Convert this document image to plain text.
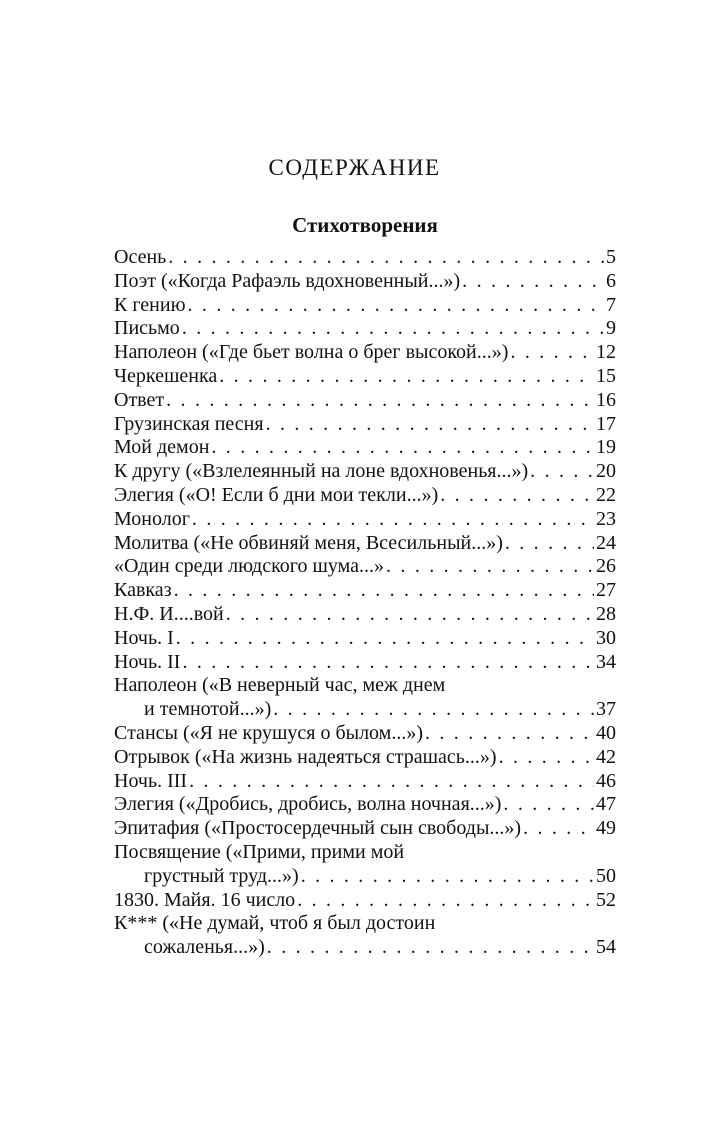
СОДЕРЖАНИЕ
Стихотворения
Осень . . .	5
Поэт («Когда Рафаэль вдохновенный...») . . .	6
К гению . . .	7
Письмо . . .	9
Наполеон («Где бьет волна о брег высокой...») . . .	12
Черкешенка . . .	15
Ответ . . .	16
Грузинская песня . . .	17
Мой демон . . .	19
К другу («Взлелеянный на лоне вдохновенья...») . . .	20
Элегия («О! Если б дни мои текли...») . . .	22
Монолог . . .	23
Молитва («Не обвиняй меня, Всесильный...») . . .	24
«Один среди людского шума...» . . .	26
Кавказ . . .	27
Н.Ф. И....вой . . .	28
Ночь. I . . .	30
Ночь. II . . .	34
Наполеон («В неверный час, меж днем
и темнотой...») . . .	37
Стансы («Я не крушуся о былом...») . . .	40
Отрывок («На жизнь надеяться страшась...») . . .	42
Ночь. III . . .	46
Элегия («Дробись, дробись, волна ночная...») . . .	47
Эпитафия («Простосердечный сын свободы...») . . .	49
Посвящение («Прими, прими мой
грустный труд...») . . .	50
1830. Майя. 16 число . . .	52
К*** («Не думай, чтоб я был достоин
сожаленья...») . . .	54
